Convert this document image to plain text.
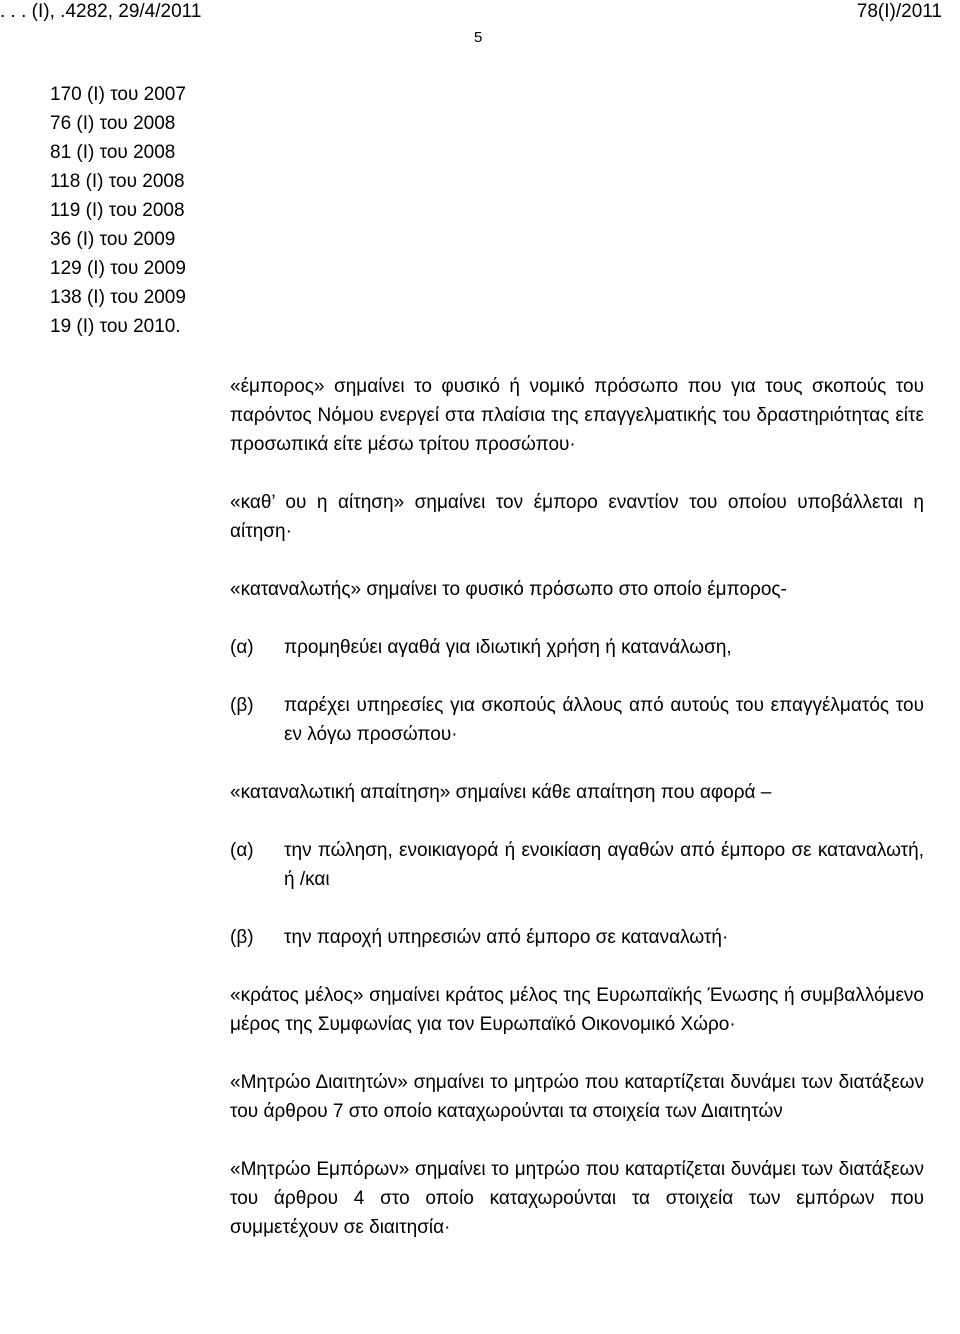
. . . (Ι), .4282, 29/4/2011	78(Ι)/2011
5
170 (Ι) του 2007
76 (Ι) του 2008
81 (Ι) του 2008
118 (Ι) του 2008
119 (Ι) του 2008
36 (Ι) του 2009
129 (Ι) του 2009
138 (Ι) του 2009
19 (Ι) του 2010.

«έμπορος» σημαίνει το φυσικό ή νομικό πρόσωπο που για τους σκοπούς του παρόντος Νόμου ενεργεί στα πλαίσια της επαγγελματικής του δραστηριότητας είτε προσωπικά είτε μέσω τρίτου προσώπου·

«καθ’ ου η αίτηση» σημαίνει τον έμπορο εναντίον του οποίου υποβάλλεται η αίτηση·

«καταναλωτής» σημαίνει το φυσικό πρόσωπο στο οποίο έμπορος-

(α)	προμηθεύει αγαθά για ιδιωτική χρήση ή κατανάλωση,
(β)	παρέχει υπηρεσίες για σκοπούς άλλους από αυτούς του επαγγέλματός του εν λόγω προσώπου·

«καταναλωτική απαίτηση» σημαίνει κάθε απαίτηση που αφορά –

(α)	την πώληση, ενοικιαγορά ή ενοικίαση αγαθών από έμπορο σε καταναλωτή, ή /και
(β)	την παροχή υπηρεσιών από έμπορο σε καταναλωτή·

«κράτος μέλος» σημαίνει κράτος μέλος της Ευρωπαϊκής Ένωσης ή συμβαλλόμενο μέρος της Συμφωνίας για τον Ευρωπαϊκό Οικονομικό Χώρο·

«Μητρώο Διαιτητών» σημαίνει το μητρώο που καταρτίζεται δυνάμει των διατάξεων του άρθρου 7 στο οποίο καταχωρούνται τα στοιχεία των Διαιτητών

«Μητρώο Εμπόρων» σημαίνει το μητρώο που καταρτίζεται δυνάμει των διατάξεων του άρθρου 4 στο οποίο καταχωρούνται τα στοιχεία των εμπόρων που συμμετέχουν σε διαιτησία·
